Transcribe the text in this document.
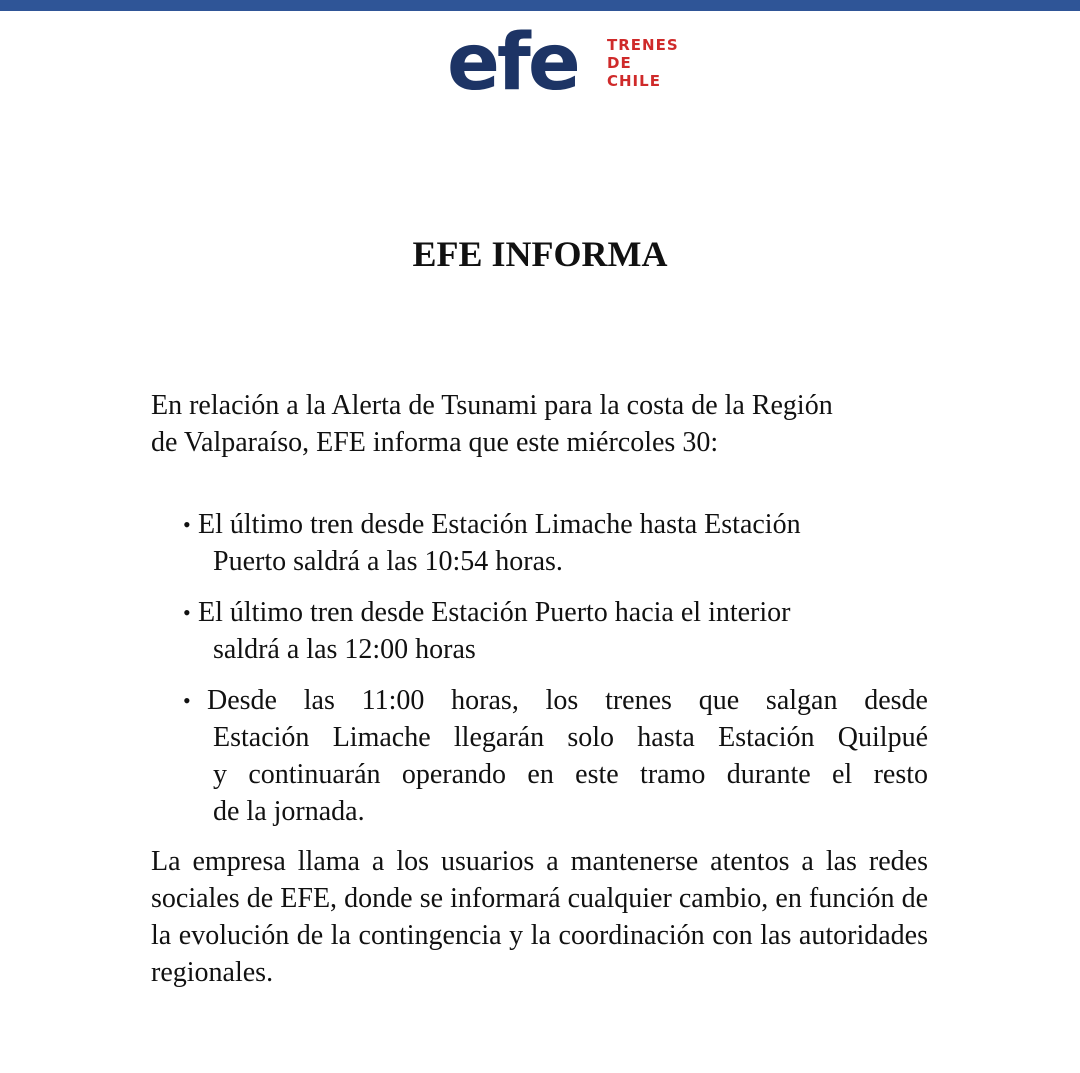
efe TRENES
DE
CHILE
EFE INFORMA

En relación a la Alerta de Tsunami para la costa de la Región
de Valparaíso, EFE informa que este miércoles 30:

• El último tren desde Estación Limache hasta Estación
Puerto saldrá a las 10:54 horas.
• El último tren desde Estación Puerto hacia el interior
saldrá a las 12:00 horas
• Desde las 11:00 horas, los trenes que salgan desde
Estación Limache llegarán solo hasta Estación Quilpué
y continuarán operando en este tramo durante el resto
de la jornada.

La empresa llama a los usuarios a mantenerse atentos a las redes sociales de EFE, donde se informará cualquier cambio, en función de la evolución de la contingencia y la coordinación con las autoridades regionales.
